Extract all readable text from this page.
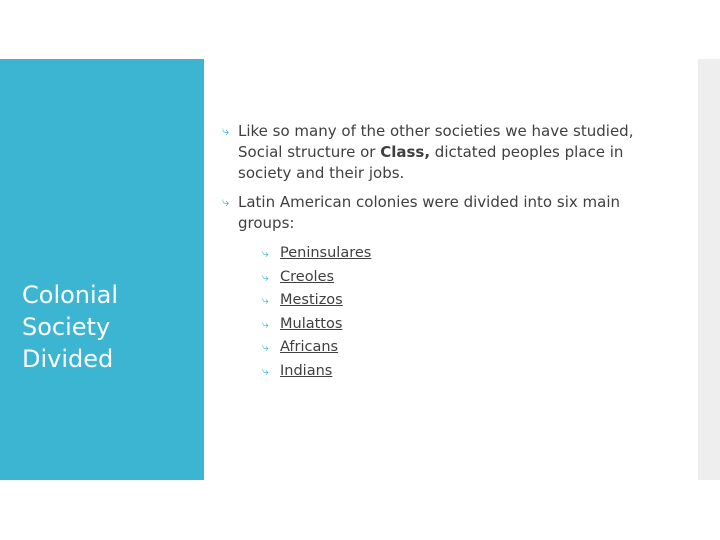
Colonial
Society
Divided
⤷ Like so many of the other societies we have studied, Social structure or Class, dictated peoples place in society and their jobs.
⤷ Latin American colonies were divided into six main groups:
⤷ Peninsulares
⤷ Creoles
⤷ Mestizos
⤷ Mulattos
⤷ Africans
⤷ Indians
